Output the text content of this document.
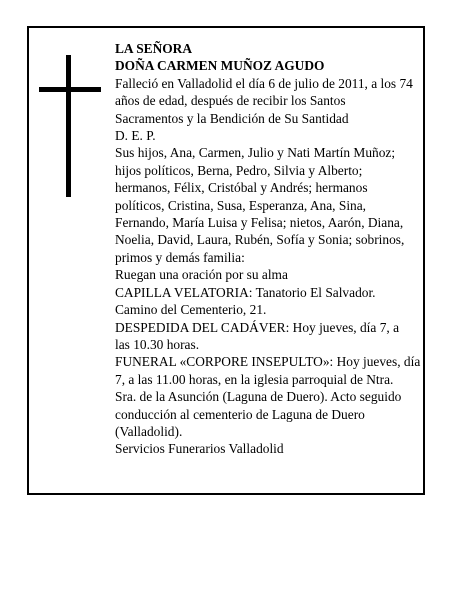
LA SEÑORA
DOÑA CARMEN MUÑOZ AGUDO
Falleció en Valladolid el día 6 de julio de 2011, a los 74
años de edad, después de recibir los Santos
Sacramentos y la Bendición de Su Santidad
D. E. P.
Sus hijos, Ana, Carmen, Julio y Nati Martín Muñoz;
hijos políticos, Berna, Pedro, Silvia y Alberto;
hermanos, Félix, Cristóbal y Andrés; hermanos
políticos, Cristina, Susa, Esperanza, Ana, Sina,
Fernando, María Luisa y Felisa; nietos, Aarón, Diana,
Noelia, David, Laura, Rubén, Sofía y Sonia; sobrinos,
primos y demás familia:
Ruegan una oración por su alma
CAPILLA VELATORIA: Tanatorio El Salvador.
Camino del Cementerio, 21.
DESPEDIDA DEL CADÁVER: Hoy jueves, día 7, a
las 10.30 horas.
FUNERAL «CORPORE INSEPULTO»: Hoy jueves, día
7, a las 11.00 horas, en la iglesia parroquial de Ntra.
Sra. de la Asunción (Laguna de Duero). Acto seguido
conducción al cementerio de Laguna de Duero
(Valladolid).
Servicios Funerarios Valladolid
